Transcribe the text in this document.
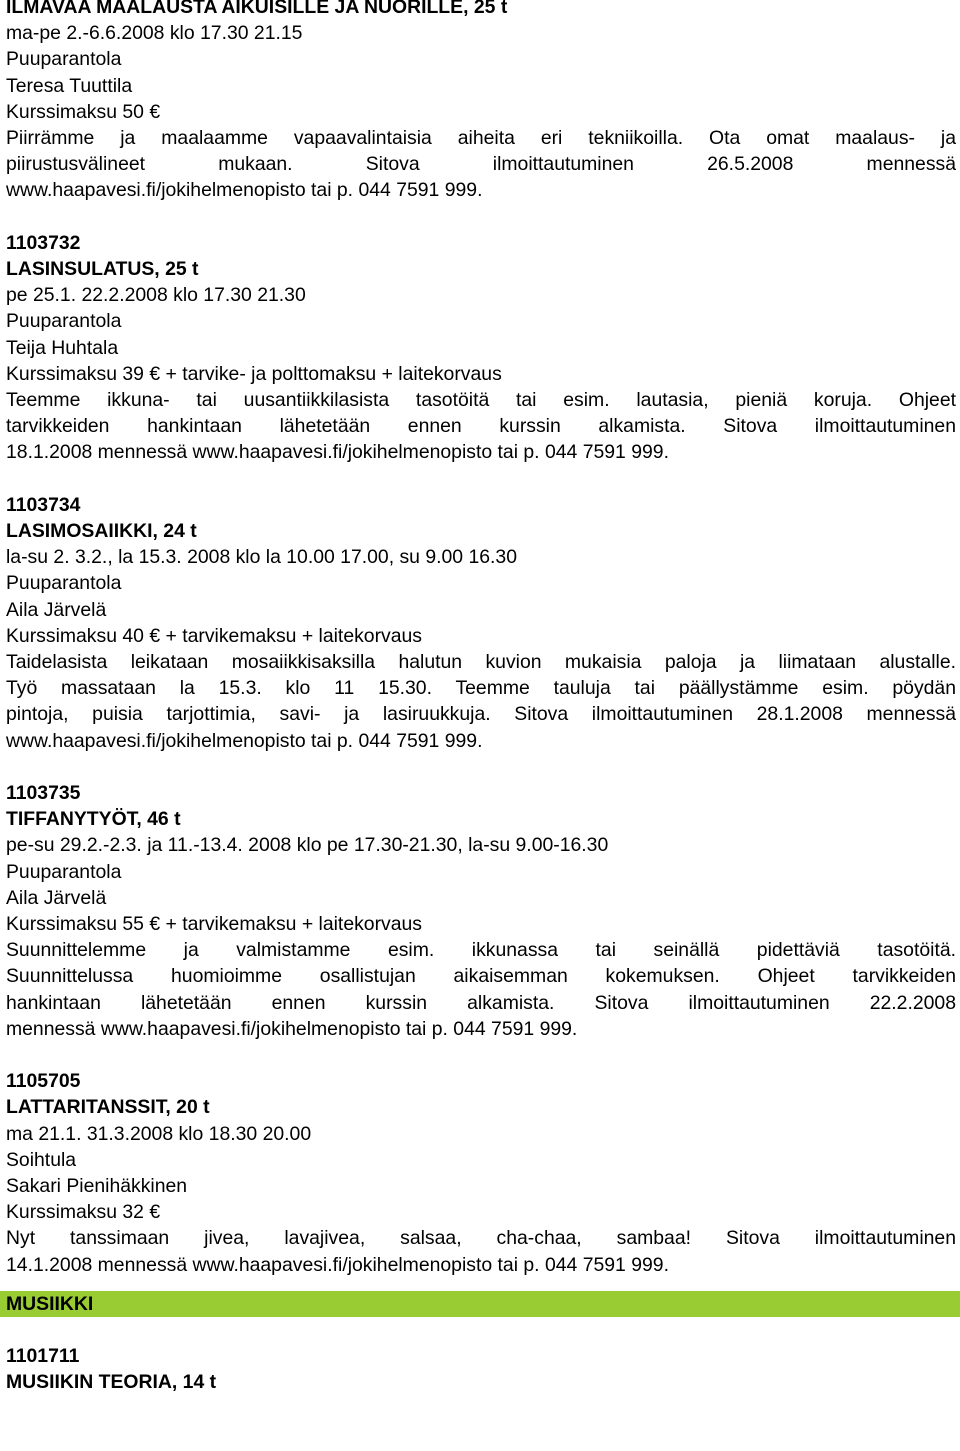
ILMAVAA MAALAUSTA AIKUISILLE JA NUORILLE, 25 t
ma-pe 2.-6.6.2008 klo 17.30 21.15
Puuparantola
Teresa Tuuttila
Kurssimaksu 50 €
Piirrämme ja maalaamme vapaavalintaisia aiheita eri tekniikoilla. Ota omat maalaus- ja
piirustusvälineet mukaan. Sitova ilmoittautuminen 26.5.2008 mennessä
www.haapavesi.fi/jokihelmenopisto tai p. 044 7591 999.
1103732
LASINSULATUS, 25 t
pe 25.1. 22.2.2008 klo 17.30 21.30
Puuparantola
Teija Huhtala
Kurssimaksu 39 € + tarvike- ja polttomaksu + laitekorvaus
Teemme ikkuna- tai uusantiikkilasista tasotöitä tai esim. lautasia, pieniä koruja. Ohjeet
tarvikkeiden hankintaan lähetetään ennen kurssin alkamista. Sitova ilmoittautuminen
18.1.2008 mennessä www.haapavesi.fi/jokihelmenopisto tai p. 044 7591 999.
1103734
LASIMOSAIIKKI, 24 t
la-su 2. 3.2., la 15.3. 2008 klo la 10.00 17.00, su 9.00 16.30
Puuparantola
Aila Järvelä
Kurssimaksu 40 € + tarvikemaksu + laitekorvaus
Taidelasista leikataan mosaiikkisaksilla halutun kuvion mukaisia paloja ja liimataan alustalle.
Työ massataan la 15.3. klo 11 15.30. Teemme tauluja tai päällystämme esim. pöydän
pintoja, puisia tarjottimia, savi- ja lasiruukkuja. Sitova ilmoittautuminen 28.1.2008 mennessä
www.haapavesi.fi/jokihelmenopisto tai p. 044 7591 999.
1103735
TIFFANYTYÖT, 46 t
pe-su 29.2.-2.3. ja 11.-13.4. 2008 klo pe 17.30-21.30, la-su 9.00-16.30
Puuparantola
Aila Järvelä
Kurssimaksu 55 € + tarvikemaksu + laitekorvaus
Suunnittelemme ja valmistamme esim. ikkunassa tai seinällä pidettäviä tasotöitä.
Suunnittelussa huomioimme osallistujan aikaisemman kokemuksen. Ohjeet tarvikkeiden
hankintaan lähetetään ennen kurssin alkamista. Sitova ilmoittautuminen 22.2.2008
mennessä www.haapavesi.fi/jokihelmenopisto tai p. 044 7591 999.
1105705
LATTARITANSSIT, 20 t
ma 21.1. 31.3.2008 klo 18.30 20.00
Soihtula
Sakari Pienihäkkinen
Kurssimaksu 32 €
Nyt tanssimaan jivea, lavajivea, salsaa, cha-chaa, sambaa! Sitova ilmoittautuminen
14.1.2008 mennessä www.haapavesi.fi/jokihelmenopisto tai p. 044 7591 999.
MUSIIKKI
1101711
MUSIIKIN TEORIA, 14 t
